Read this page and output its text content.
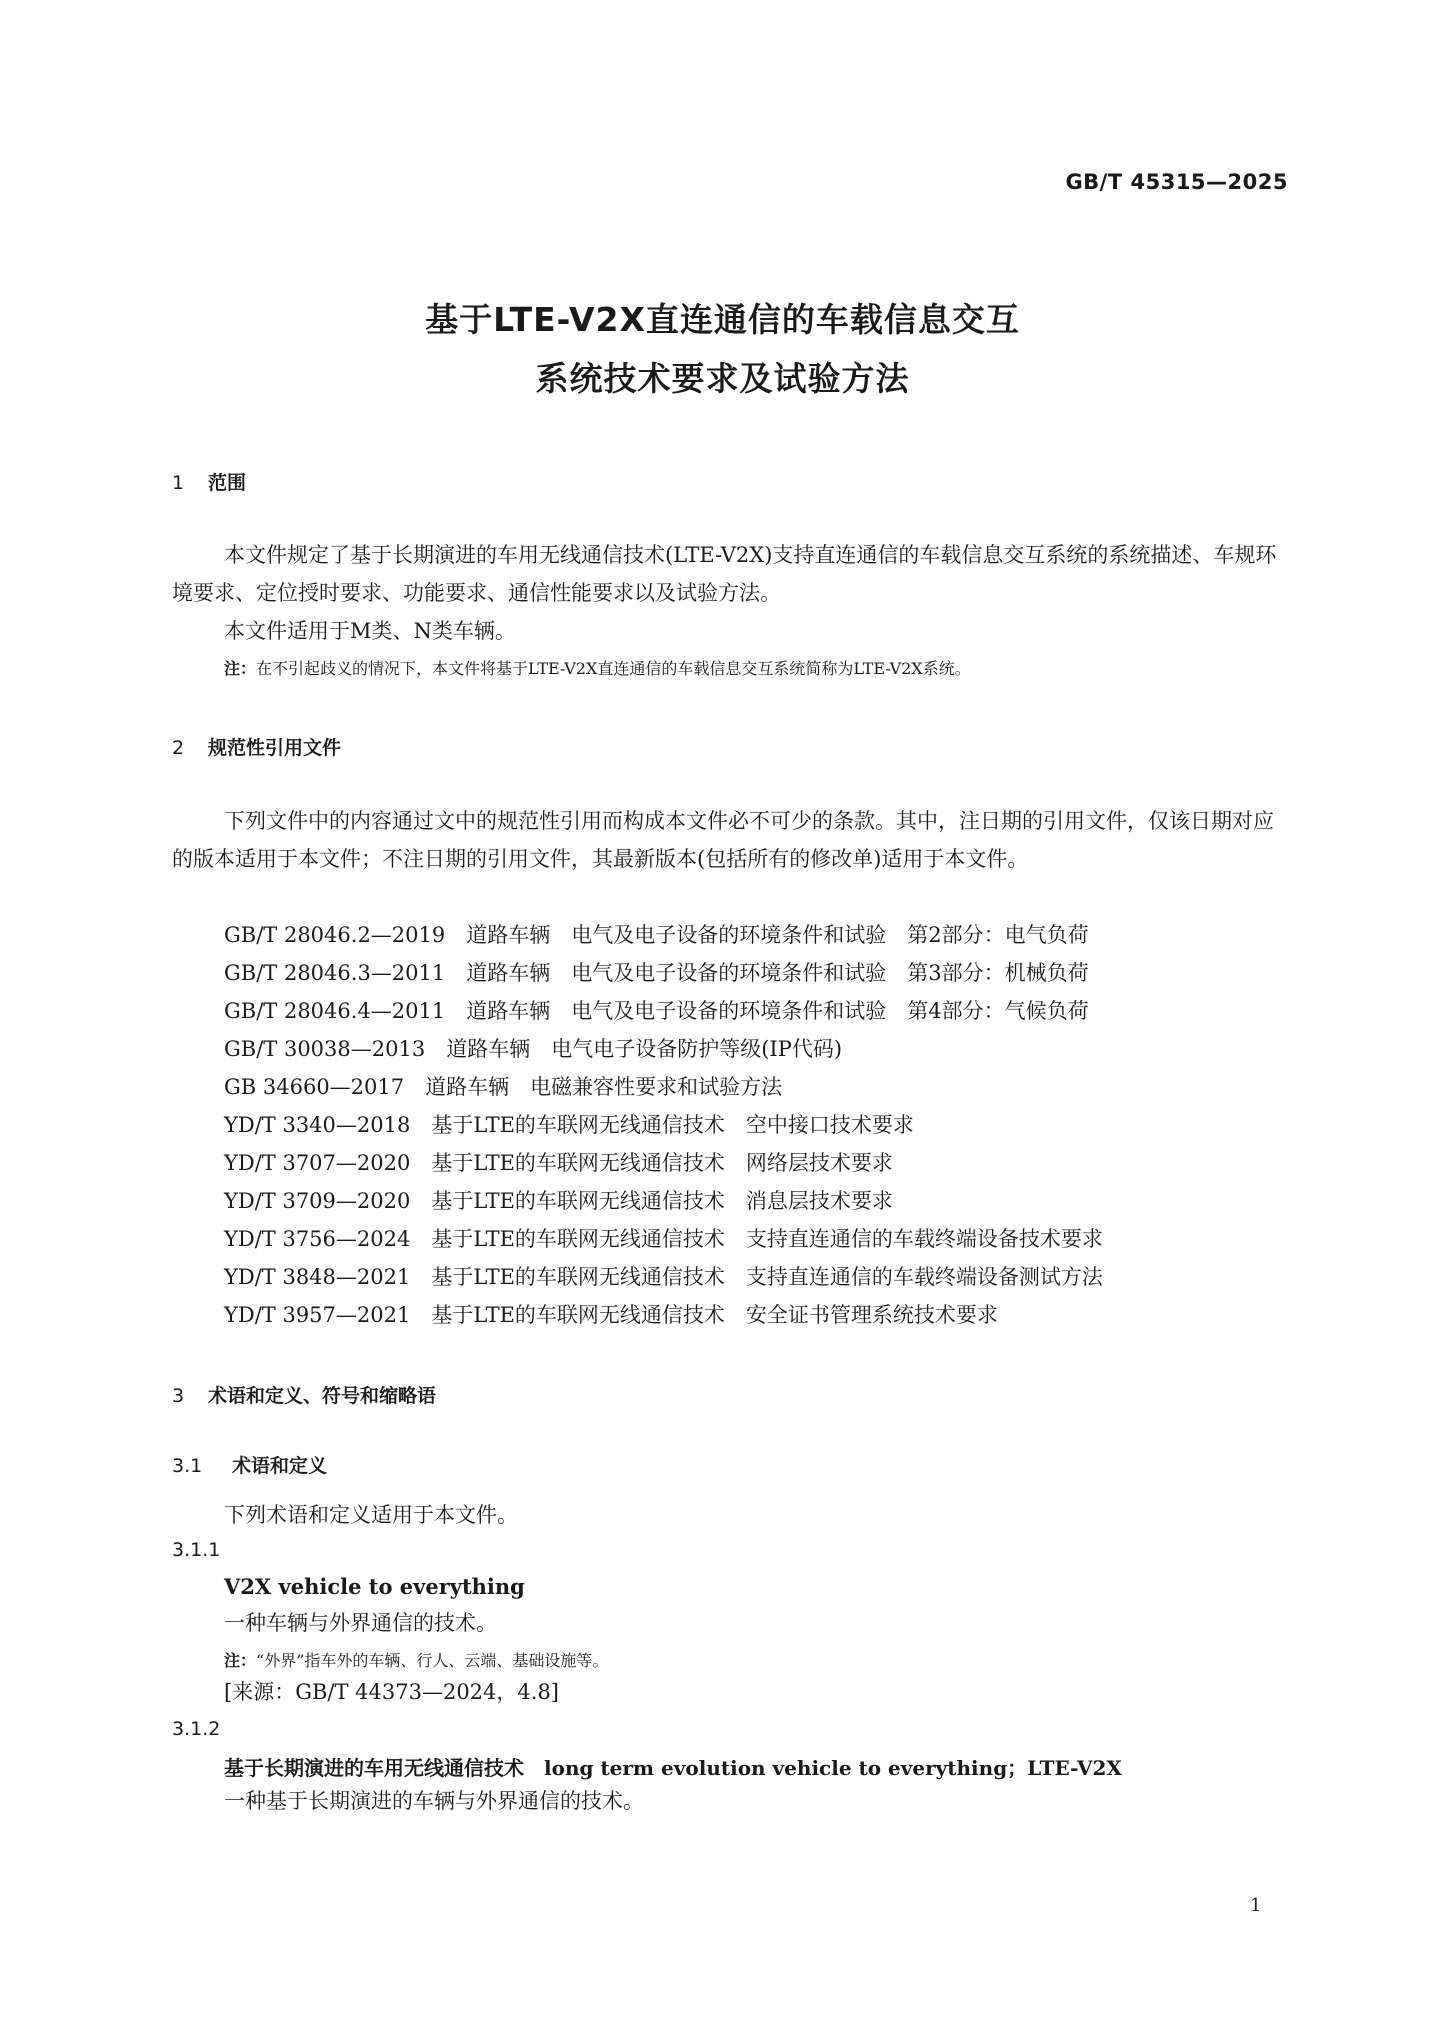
GB/T 45315—2025
基于LTE-V2X直连通信的车载信息交互
系统技术要求及试验方法
1 范围
本文件规定了基于长期演进的车用无线通信技术(LTE-V2X)支持直连通信的车载信息交互系统的系统描述、车规环境要求、定位授时要求、功能要求、通信性能要求以及试验方法。
本文件适用于M类、N类车辆。
注：在不引起歧义的情况下，本文件将基于LTE-V2X直连通信的车载信息交互系统简称为LTE-V2X系统。
2 规范性引用文件
下列文件中的内容通过文中的规范性引用而构成本文件必不可少的条款。其中，注日期的引用文件，仅该日期对应的版本适用于本文件；不注日期的引用文件，其最新版本(包括所有的修改单)适用于本文件。
GB/T 28046.2—2019　 道路车辆　电气及电子设备的环境条件和试验　第2部分：电气负荷
GB/T 28046.3—2011　 道路车辆　电气及电子设备的环境条件和试验　第3部分：机械负荷
GB/T 28046.4—2011　 道路车辆　电气及电子设备的环境条件和试验　第4部分：气候负荷
GB/T 30038—2013　 道路车辆　电气电子设备防护等级(IP代码)
GB 34660—2017　 道路车辆　电磁兼容性要求和试验方法
YD/T 3340—2018　 基于LTE的车联网无线通信技术　空中接口技术要求
YD/T 3707—2020　 基于LTE的车联网无线通信技术　网络层技术要求
YD/T 3709—2020　 基于LTE的车联网无线通信技术　消息层技术要求
YD/T 3756—2024　 基于LTE的车联网无线通信技术　支持直连通信的车载终端设备技术要求
YD/T 3848—2021　 基于LTE的车联网无线通信技术　支持直连通信的车载终端设备测试方法
YD/T 3957—2021　 基于LTE的车联网无线通信技术　安全证书管理系统技术要求
3 术语和定义、符号和缩略语
3.1 术语和定义
下列术语和定义适用于本文件。
3.1.1
V2X vehicle to everything
一种车辆与外界通信的技术。
注：“外界”指车外的车辆、行人、云端、基础设施等。
[来源：GB/T 44373—2024，4.8]
3.1.2
基于长期演进的车用无线通信技术　 long term evolution vehicle to everything；LTE-V2X
一种基于长期演进的车辆与外界通信的技术。
1
